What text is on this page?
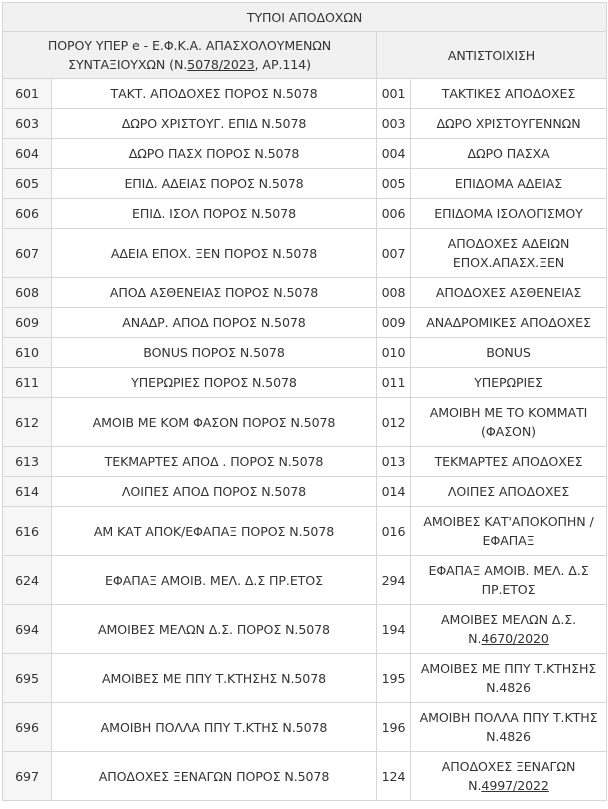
ΤΥΠΟΙ ΑΠΟΔΟΧΩΝ			
ΠΟΡΟΥ ΥΠΕΡ e - Ε.Φ.Κ.Α. ΑΠΑΣΧΟΛΟΥΜΕΝΩΝ ΣΥΝΤΑΞΙΟΥΧΩΝ (Ν.5078/2023, ΑΡ.114)		ΑΝΤΙΣΤΟΙΧΙΣΗ	
601	ΤΑΚΤ. ΑΠΟΔΟΧΕΣ ΠΟΡΟΣ Ν.5078	001	ΤΑΚΤΙΚΕΣ ΑΠΟΔΟΧΕΣ
603	ΔΩΡΟ ΧΡΙΣΤΟΥΓ. ΕΠΙΔ Ν.5078	003	ΔΩΡΟ ΧΡΙΣΤΟΥΓΕΝΝΩΝ
604	ΔΩΡΟ ΠΑΣΧ ΠΟΡΟΣ Ν.5078	004	ΔΩΡΟ ΠΑΣΧΑ
605	ΕΠΙΔ. ΑΔΕΙΑΣ ΠΟΡΟΣ Ν.5078	005	ΕΠΙΔΟΜΑ ΑΔΕΙΑΣ
606	ΕΠΙΔ. ΙΣΟΛ ΠΟΡΟΣ Ν.5078	006	ΕΠΙΔΟΜΑ ΙΣΟΛΟΓΙΣΜΟΥ
607	ΑΔΕΙΑ ΕΠΟΧ. ΞΕΝ ΠΟΡΟΣ Ν.5078	007	ΑΠΟΔΟΧΕΣ ΑΔΕΙΩΝ ΕΠΟΧ.ΑΠΑΣΧ.ΞΕΝ
608	ΑΠΟΔ ΑΣΘΕΝΕΙΑΣ ΠΟΡΟΣ Ν.5078	008	ΑΠΟΔΟΧΕΣ ΑΣΘΕΝΕΙΑΣ
609	ΑΝΑΔΡ. ΑΠΟΔ ΠΟΡΟΣ Ν.5078	009	ΑΝΑΔΡΟΜΙΚΕΣ ΑΠΟΔΟΧΕΣ
610	BONUS ΠΟΡΟΣ Ν.5078	010	BONUS
611	ΥΠΕΡΩΡΙΕΣ ΠΟΡΟΣ Ν.5078	011	ΥΠΕΡΩΡΙΕΣ
612	ΑΜΟΙΒ ΜΕ ΚΟΜ ΦΑΣΟΝ ΠΟΡΟΣ Ν.5078	012	ΑΜΟΙΒΗ ΜΕ ΤΟ ΚΟΜΜΑΤΙ (ΦΑΣΟΝ)
613	ΤΕΚΜΑΡΤΕΣ ΑΠΟΔ . ΠΟΡΟΣ Ν.5078	013	ΤΕΚΜΑΡΤΕΣ ΑΠΟΔΟΧΕΣ
614	ΛΟΙΠΕΣ ΑΠΟΔ ΠΟΡΟΣ Ν.5078	014	ΛΟΙΠΕΣ ΑΠΟΔΟΧΕΣ
616	ΑΜ ΚΑΤ ΑΠΟΚ/ΕΦΑΠΑΞ ΠΟΡΟΣ Ν.5078	016	ΑΜΟΙΒΕΣ ΚΑΤ'ΑΠΟΚΟΠΗΝ / ΕΦΑΠΑΞ
624	ΕΦΑΠΑΞ ΑΜΟΙΒ. ΜΕΛ. Δ.Σ ΠΡ.ΕΤΟΣ	294	ΕΦΑΠΑΞ ΑΜΟΙΒ. ΜΕΛ. Δ.Σ ΠΡ.ΕΤΟΣ
694	ΑΜΟΙΒΕΣ ΜΕΛΩΝ Δ.Σ. ΠΟΡΟΣ Ν.5078	194	ΑΜΟΙΒΕΣ ΜΕΛΩΝ Δ.Σ. Ν.4670/2020
695	ΑΜΟΙΒΕΣ ΜΕ ΠΠΥ Τ.ΚΤΗΣΗΣ Ν.5078	195	ΑΜΟΙΒΕΣ ΜΕ ΠΠΥ Τ.ΚΤΗΣΗΣ Ν.4826
696	ΑΜΟΙΒΗ ΠΟΛΛΑ ΠΠΥ Τ.ΚΤΗΣ Ν.5078	196	ΑΜΟΙΒΗ ΠΟΛΛΑ ΠΠΥ Τ.ΚΤΗΣ Ν.4826
697	ΑΠΟΔΟΧΕΣ ΞΕΝΑΓΩΝ ΠΟΡΟΣ Ν.5078	124	ΑΠΟΔΟΧΕΣ ΞΕΝΑΓΩΝ Ν.4997/2022
